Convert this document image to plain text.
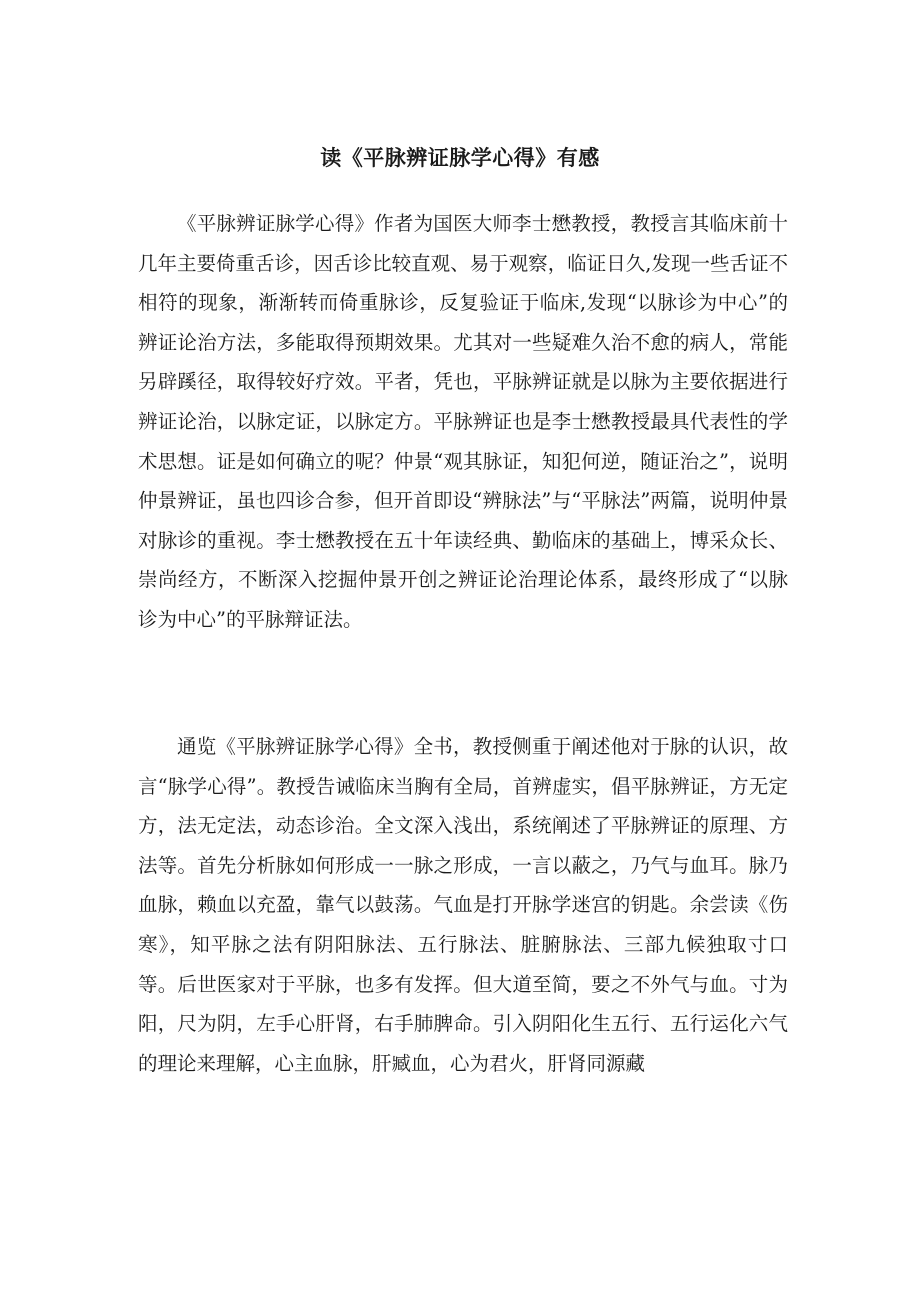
读《平脉辨证脉学心得》有感

《平脉辨证脉学心得》作者为国医大师李士懋教授，教授言其临床前十几年主要倚重舌诊，因舌诊比较直观、易于观察，临证日久,发现一些舌证不相符的现象，渐渐转而倚重脉诊，反复验证于临床,发现“以脉诊为中心”的辨证论治方法，多能取得预期效果。尤其对一些疑难久治不愈的病人，常能另辟蹊径，取得较好疗效。平者，凭也，平脉辨证就是以脉为主要依据进行辨证论治，以脉定证，以脉定方。平脉辨证也是李士懋教授最具代表性的学术思想。证是如何确立的呢？仲景“观其脉证，知犯何逆，随证治之”，说明仲景辨证，虽也四诊合参，但开首即设“辨脉法”与“平脉法”两篇，说明仲景对脉诊的重视。李士懋教授在五十年读经典、勤临床的基础上，博采众长、崇尚经方，不断深入挖掘仲景开创之辨证论治理论体系，最终形成了“以脉诊为中心”的平脉辩证法。

通览《平脉辨证脉学心得》全书，教授侧重于阐述他对于脉的认识，故言“脉学心得”。教授告诫临床当胸有全局，首辨虚实，倡平脉辨证，方无定方，法无定法，动态诊治。全文深入浅出，系统阐述了平脉辨证的原理、方法等。首先分析脉如何形成一一脉之形成，一言以蔽之，乃气与血耳。脉乃血脉，赖血以充盈，靠气以鼓荡。气血是打开脉学迷宫的钥匙。余尝读《伤寒》，知平脉之法有阴阳脉法、五行脉法、脏腑脉法、三部九候独取寸口等。后世医家对于平脉，也多有发挥。但大道至简，要之不外气与血。寸为阳，尺为阴，左手心肝肾，右手肺脾命。引入阴阳化生五行、五行运化六气的理论来理解，心主血脉，肝臧血，心为君火，肝肾同源藏
